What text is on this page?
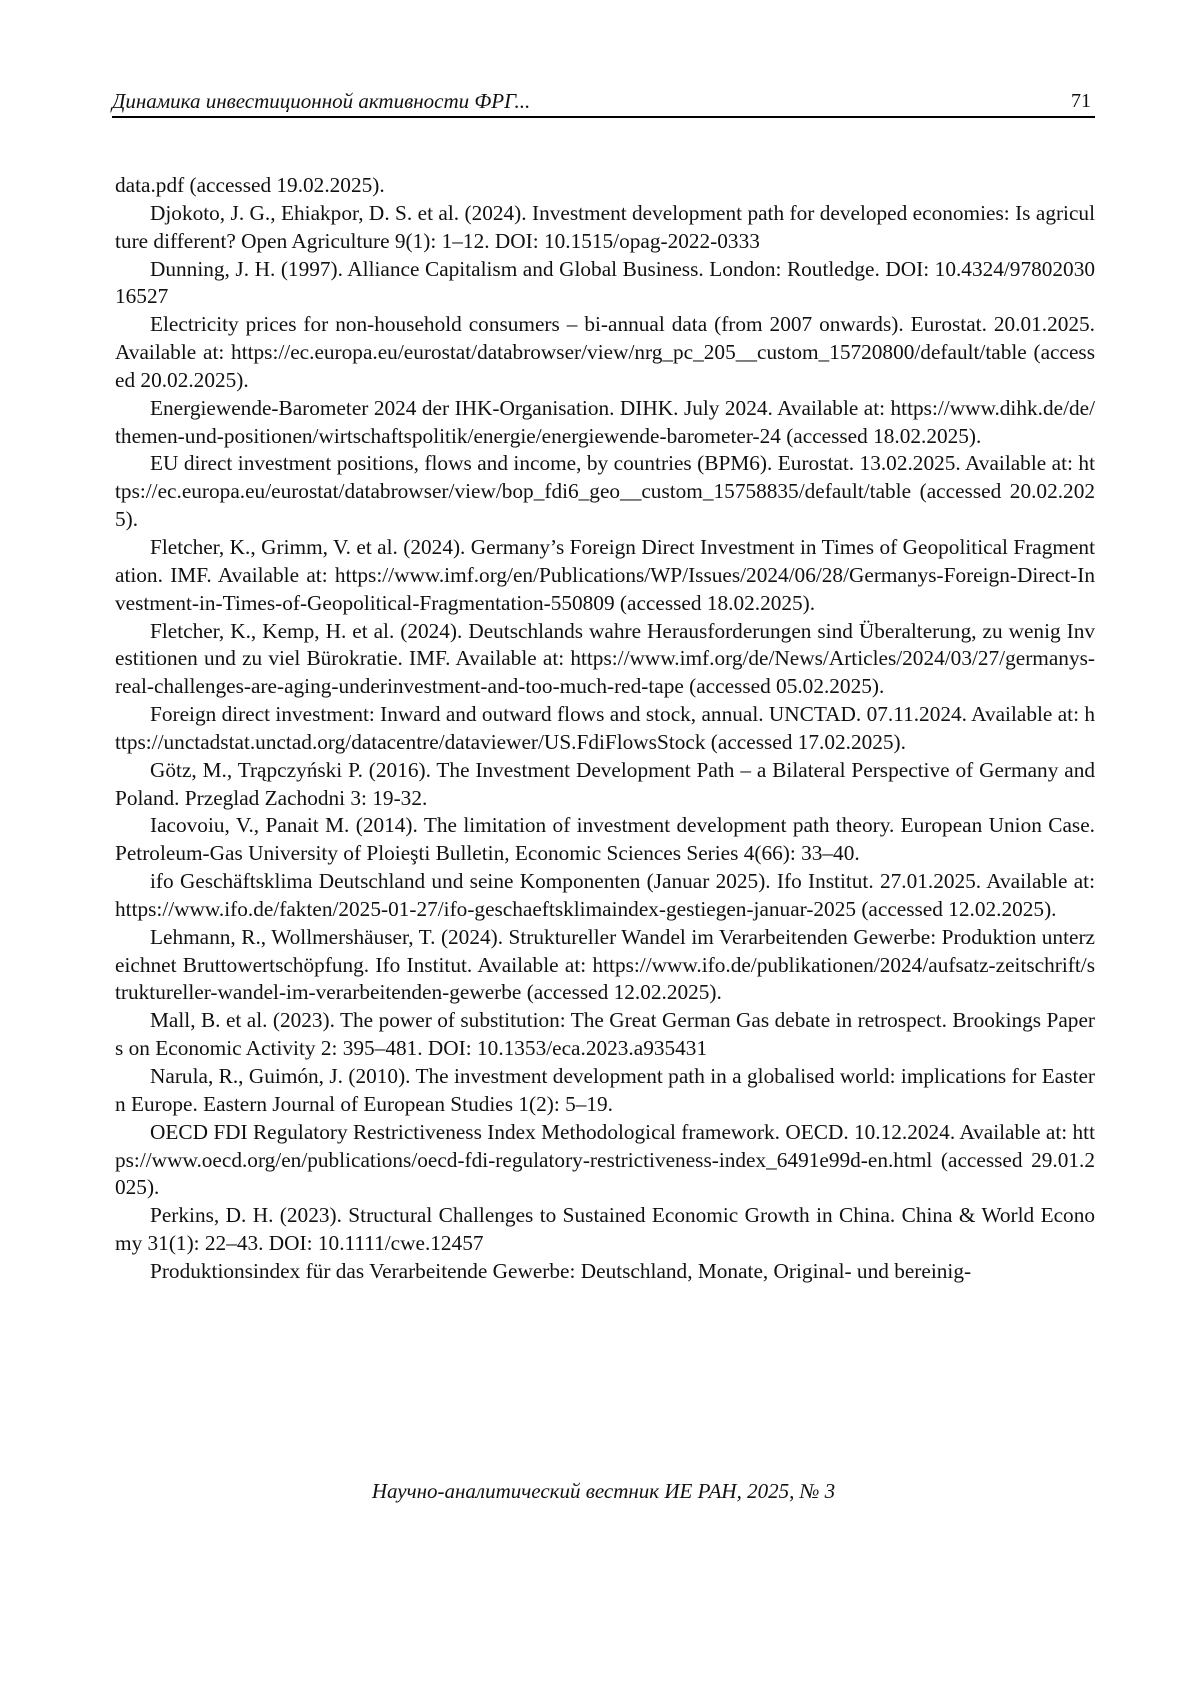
Динамика инвестиционной активности ФРГ...	71

data.pdf (accessed 19.02.2025).

Djokoto, J. G., Ehiakpor, D. S. et al. (2024). Investment development path for developed economies: Is agriculture different? Open Agriculture 9(1): 1–12. DOI: 10.1515/opag-2022-0333

Dunning, J. H. (1997). Alliance Capitalism and Global Business. London: Routledge. DOI: 10.4324/9780203016527

Electricity prices for non-household consumers – bi-annual data (from 2007 onwards). Eurostat. 20.01.2025. Available at: https://ec.europa.eu/eurostat/databrowser/view/nrg_pc_205__custom_15720800/default/table (accessed 20.02.2025).

Energiewende-Barometer 2024 der IHK-Organisation. DIHK. July 2024. Available at: https://www.dihk.de/de/themen-und-positionen/wirtschaftspolitik/energie/energiewende-barometer-24 (accessed 18.02.2025).

EU direct investment positions, flows and income, by countries (BPM6). Eurostat. 13.02.2025. Available at: https://ec.europa.eu/eurostat/databrowser/view/bop_fdi6_geo__custom_15758835/default/table (accessed 20.02.2025).

Fletcher, K., Grimm, V. et al. (2024). Germany’s Foreign Direct Investment in Times of Geopolitical Fragmentation. IMF. Available at: https://www.imf.org/en/Publications/WP/Issues/2024/06/28/Germanys-Foreign-Direct-Investment-in-Times-of-Geopolitical-Fragmentation-550809 (accessed 18.02.2025).

Fletcher, K., Kemp, H. et al. (2024). Deutschlands wahre Herausforderungen sind Überalterung, zu wenig Investitionen und zu viel Bürokratie. IMF. Available at: https://www.imf.org/de/News/Articles/2024/03/27/germanys-real-challenges-are-aging-underinvestment-and-too-much-red-tape (accessed 05.02.2025).

Foreign direct investment: Inward and outward flows and stock, annual. UNCTAD. 07.11.2024. Available at: https://unctadstat.unctad.org/datacentre/dataviewer/US.FdiFlowsStock (accessed 17.02.2025).

Götz, M., Trąpczyński P. (2016). The Investment Development Path – a Bilateral Perspective of Germany and Poland. Przeglad Zachodni 3: 19-32.

Iacovoiu, V., Panait M. (2014). The limitation of investment development path theory. European Union Case. Petroleum-Gas University of Ploieşti Bulletin, Economic Sciences Series 4(66): 33–40.

ifo Geschäftsklima Deutschland und seine Komponenten (Januar 2025). Ifo Institut. 27.01.2025. Available at: https://www.ifo.de/fakten/2025-01-27/ifo-geschaeftsklimaindex-gestiegen-januar-2025 (accessed 12.02.2025).

Lehmann, R., Wollmershäuser, T. (2024). Struktureller Wandel im Verarbeitenden Gewerbe: Produktion unterzeichnet Bruttowertschöpfung. Ifo Institut. Available at: https://www.ifo.de/publikationen/2024/aufsatz-zeitschrift/struktureller-wandel-im-verarbeitenden-gewerbe (accessed 12.02.2025).

Mall, B. et al. (2023). The power of substitution: The Great German Gas debate in retrospect. Brookings Papers on Economic Activity 2: 395–481. DOI: 10.1353/eca.2023.a935431

Narula, R., Guimón, J. (2010). The investment development path in a globalised world: implications for Eastern Europe. Eastern Journal of European Studies 1(2): 5–19.

OECD FDI Regulatory Restrictiveness Index Methodological framework. OECD. 10.12.2024. Available at: https://www.oecd.org/en/publications/oecd-fdi-regulatory-restrictiveness-index_6491e99d-en.html (accessed 29.01.2025).

Perkins, D. H. (2023). Structural Challenges to Sustained Economic Growth in China. China & World Economy 31(1): 22–43. DOI: 10.1111/cwe.12457

Produktionsindex für das Verarbeitende Gewerbe: Deutschland, Monate, Original- und bereinig-

Научно-аналитический вестник ИЕ РАН, 2025, № 3
